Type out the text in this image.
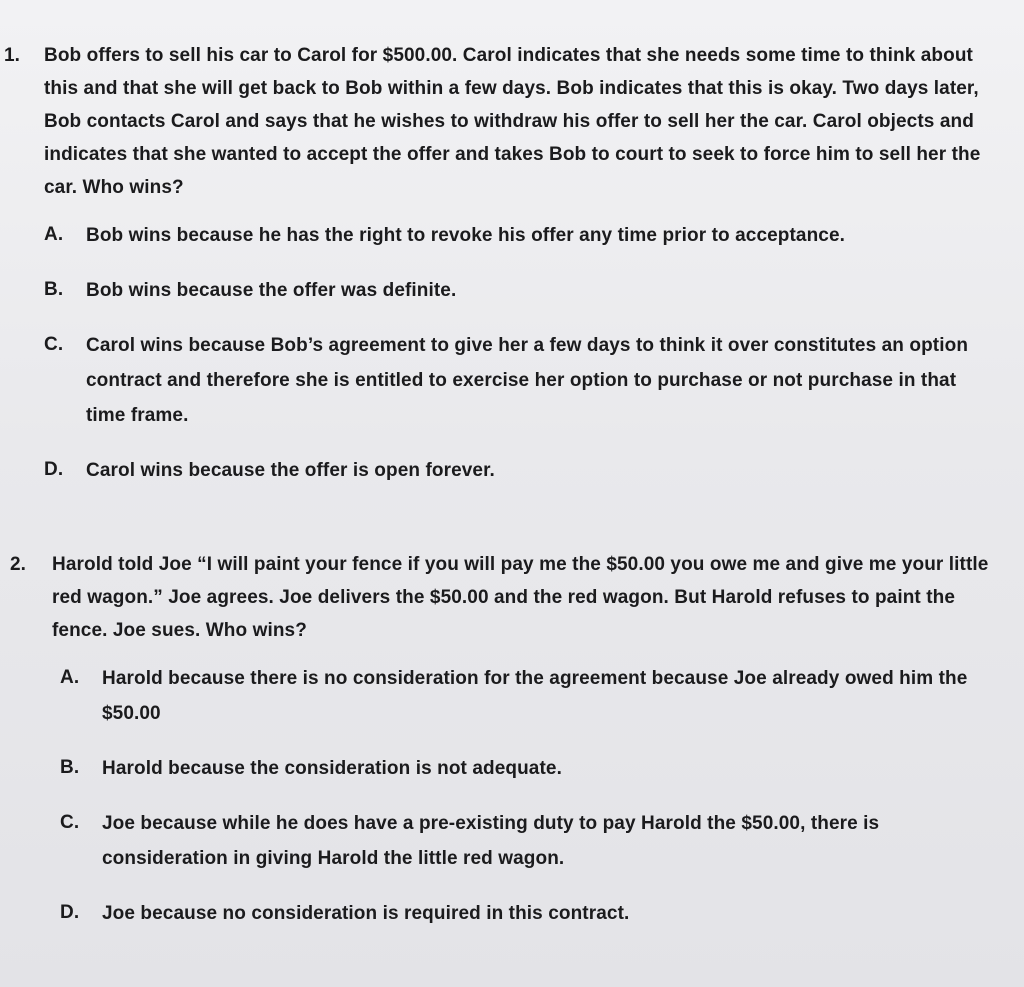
1.	Bob offers to sell his car to Carol for $500.00. Carol indicates that she needs some time to think about this and that she will get back to Bob within a few days. Bob indicates that this is okay. Two days later, Bob contacts Carol and says that he wishes to withdraw his offer to sell her the car. Carol objects and indicates that she wanted to accept the offer and takes Bob to court to seek to force him to sell her the car. Who wins?
A.	Bob wins because he has the right to revoke his offer any time prior to acceptance.
B.	Bob wins because the offer was definite.
C.	Carol wins because Bob’s agreement to give her a few days to think it over constitutes an option contract and therefore she is entitled to exercise her option to purchase or not purchase in that time frame.
D.	Carol wins because the offer is open forever.
2.	Harold told Joe “I will paint your fence if you will pay me the $50.00 you owe me and give me your little red wagon.” Joe agrees. Joe delivers the $50.00 and the red wagon. But Harold refuses to paint the fence. Joe sues. Who wins?
A.	Harold because there is no consideration for the agreement because Joe already owed him the $50.00
B.	Harold because the consideration is not adequate.
C.	Joe because while he does have a pre-existing duty to pay Harold the $50.00, there is consideration in giving Harold the little red wagon.
D.	Joe because no consideration is required in this contract.
